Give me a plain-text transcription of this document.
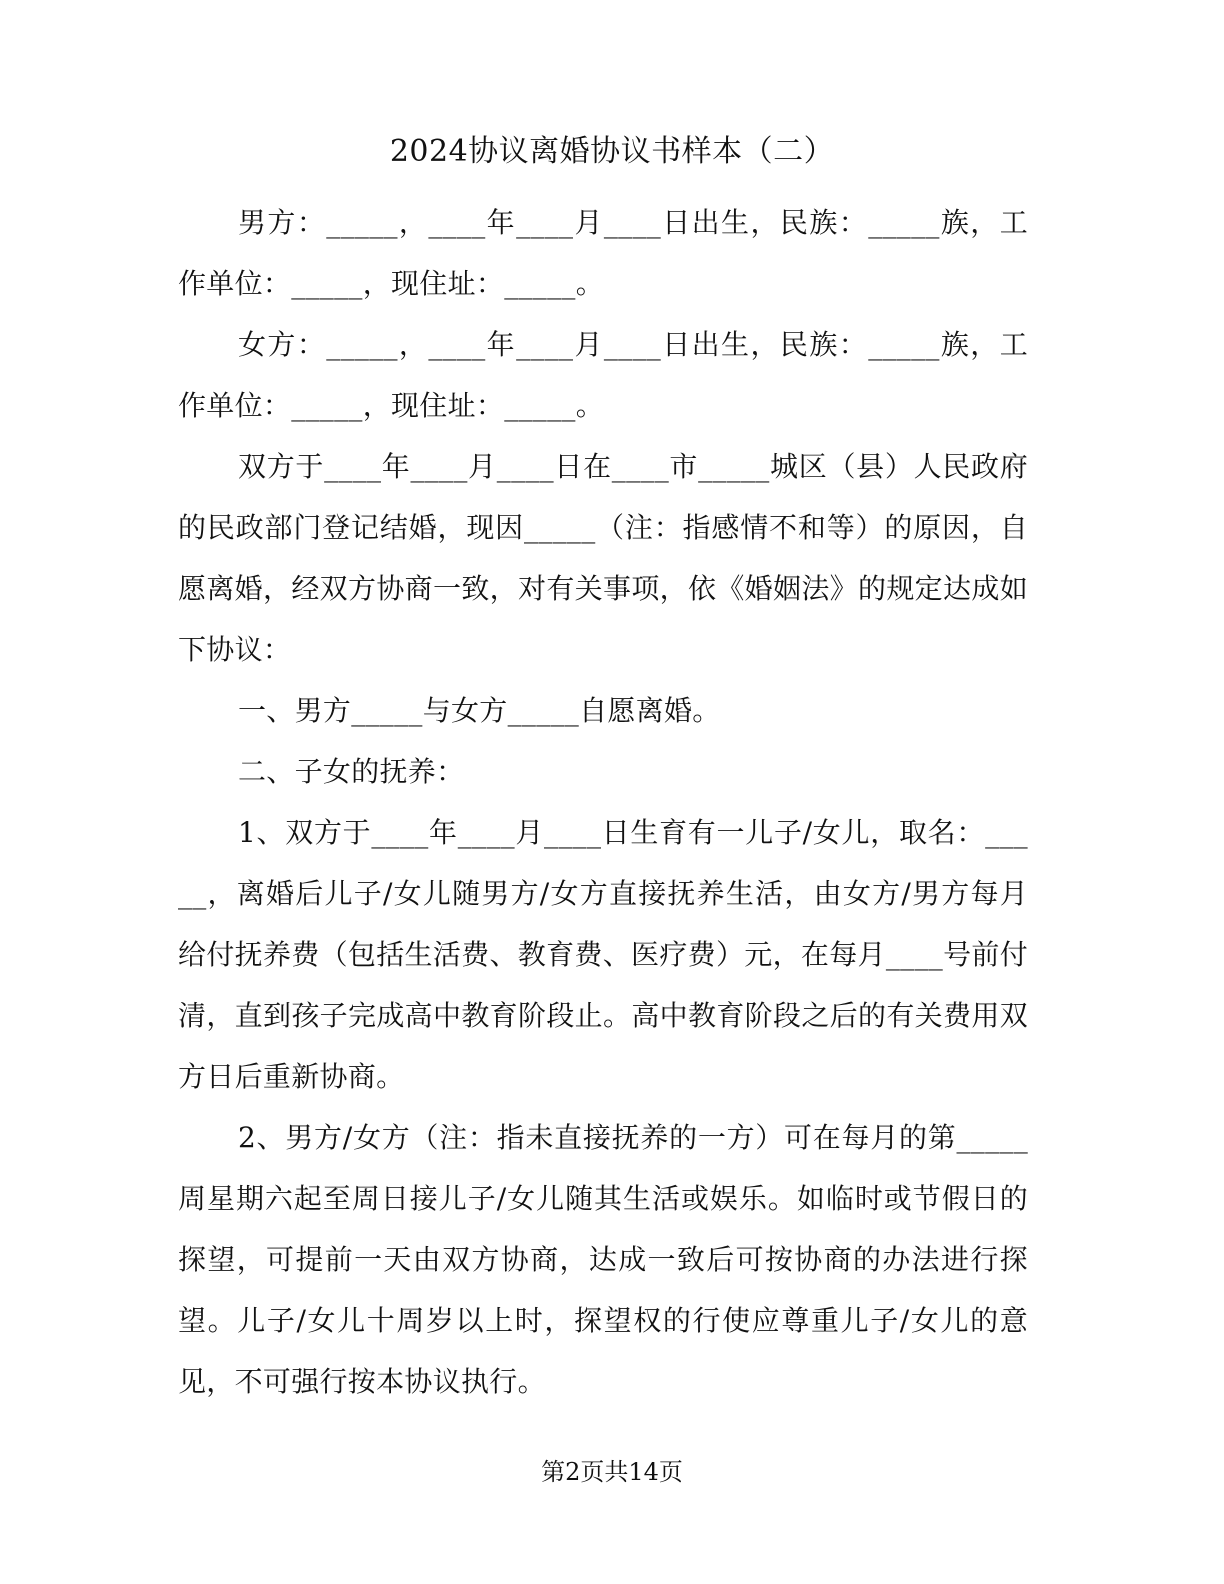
2024协议离婚协议书样本（二）

男方：_____，____年____月____日出生，民族：_____族，工作单位：_____，现住址：_____。

女方：_____，____年____月____日出生，民族：_____族，工作单位：_____，现住址：_____。

双方于____年____月____日在____市_____城区（县）人民政府的民政部门登记结婚，现因_____（注：指感情不和等）的原因，自愿离婚，经双方协商一致，对有关事项，依《婚姻法》的规定达成如下协议：

一、男方_____与女方_____自愿离婚。

二、子女的抚养：

1、双方于____年____月____日生育有一儿子/女儿，取名：_____，离婚后儿子/女儿随男方/女方直接抚养生活，由女方/男方每月给付抚养费（包括生活费、教育费、医疗费）元，在每月____号前付清，直到孩子完成高中教育阶段止。高中教育阶段之后的有关费用双方日后重新协商。

2、男方/女方（注：指未直接抚养的一方）可在每月的第_____周星期六起至周日接儿子/女儿随其生活或娱乐。如临时或节假日的探望，可提前一天由双方协商，达成一致后可按协商的办法进行探望。儿子/女儿十周岁以上时，探望权的行使应尊重儿子/女儿的意见，不可强行按本协议执行。

第2页共14页
